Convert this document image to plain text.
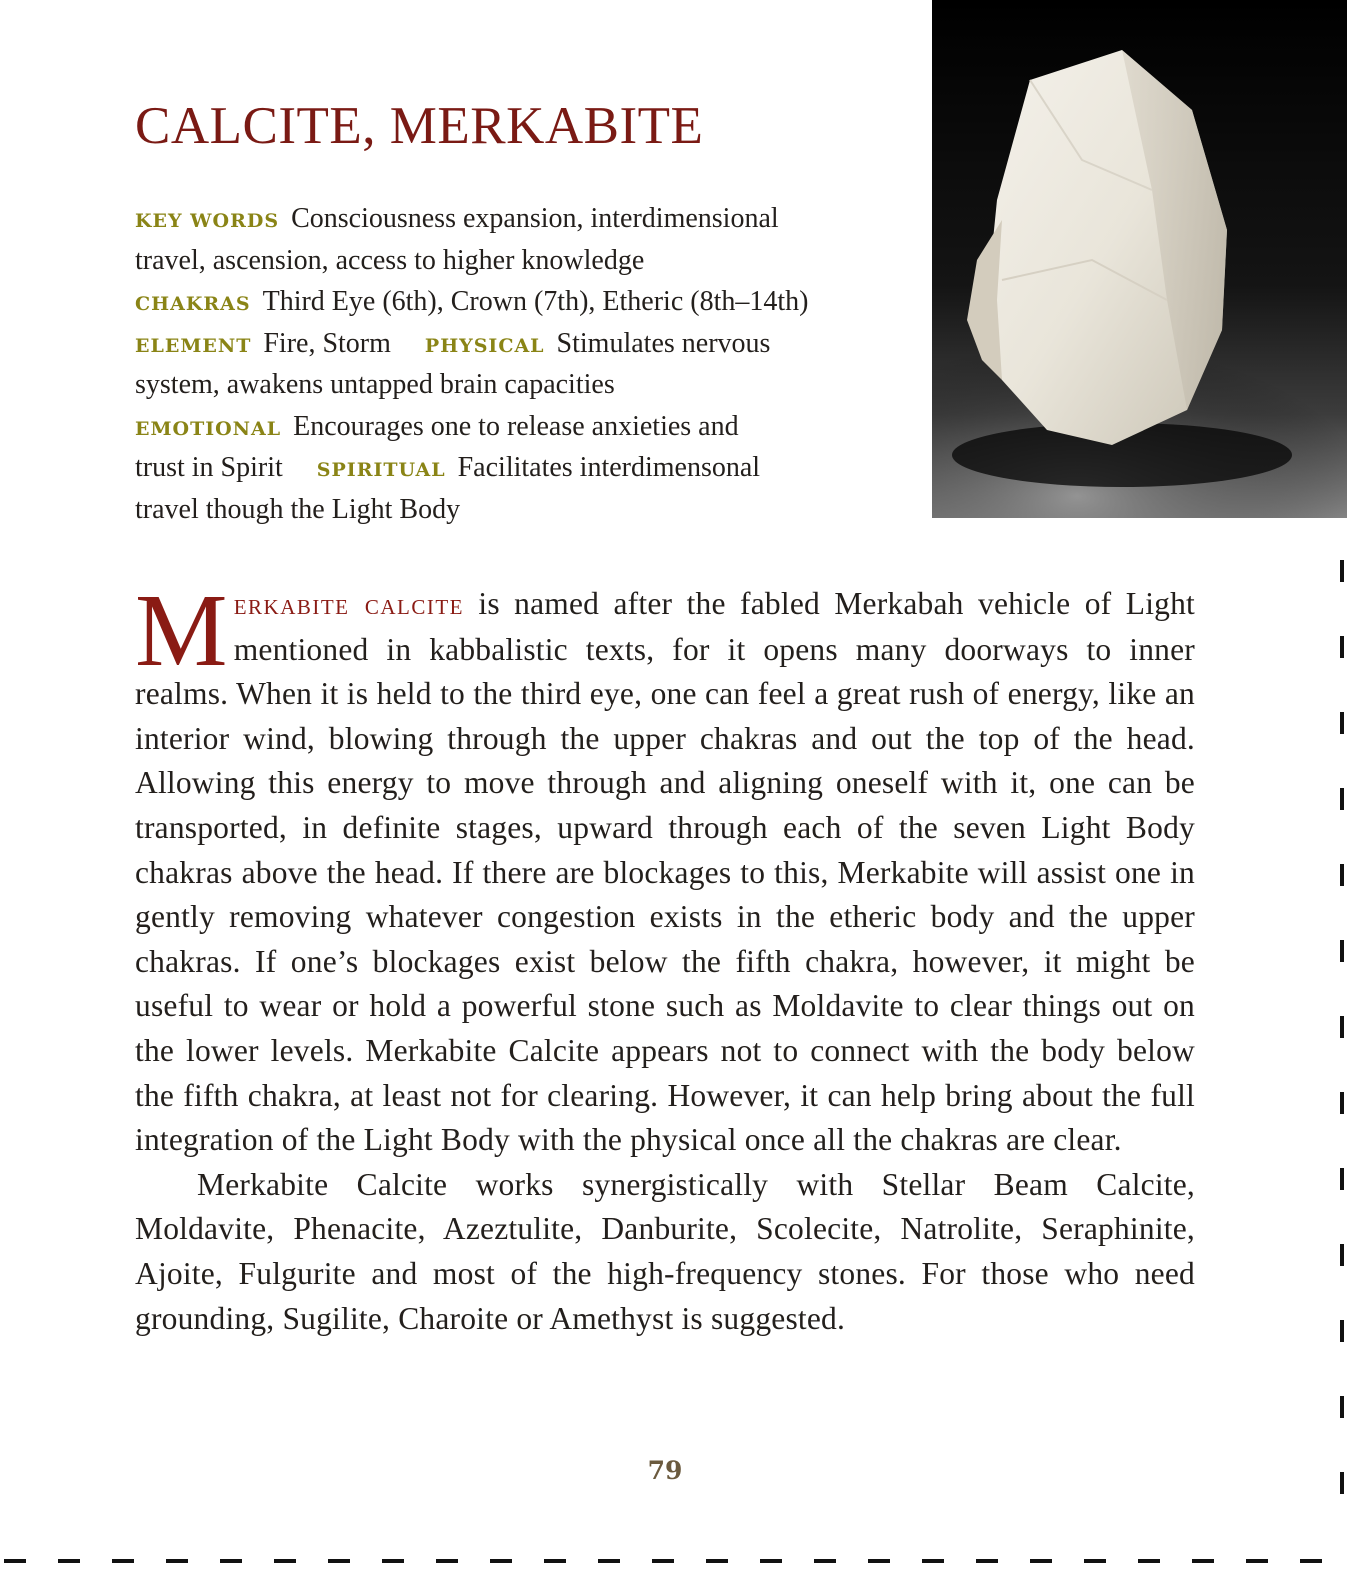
CALCITE, MERKABITE
KEY WORDS Consciousness expansion, interdimensional
travel, ascension, access to higher knowledge
CHAKRAS Third Eye (6th), Crown (7th), Etheric (8th–14th)
ELEMENT Fire, Storm PHYSICAL Stimulates nervous
system, awakens untapped brain capacities
EMOTIONAL Encourages one to release anxieties and
trust in Spirit SPIRITUAL Facilitates interdimensonal
travel though the Light Body

Merkabite calcite is named after the fabled Merkabah vehicle of Light mentioned in kabbalistic texts, for it opens many doorways to inner realms. When it is held to the third eye, one can feel a great rush of energy, like an interior wind, blowing through the upper chakras and out the top of the head. Allowing this energy to move through and aligning oneself with it, one can be transported, in definite stages, upward through each of the seven Light Body chakras above the head. If there are blockages to this, Merkabite will assist one in gently removing whatever congestion exists in the etheric body and the upper chakras. If one’s blockages exist below the fifth chakra, however, it might be useful to wear or hold a powerful stone such as Moldavite to clear things out on the lower levels. Merkabite Calcite appears not to connect with the body below the fifth chakra, at least not for clearing. However, it can help bring about the full integration of the Light Body with the physical once all the chakras are clear.

Merkabite Calcite works synergistically with Stellar Beam Calcite, Moldavite, Phenacite, Azeztulite, Danburite, Scolecite, Natrolite, Seraphinite, Ajoite, Fulgurite and most of the high-frequency stones. For those who need grounding, Sugilite, Charoite or Amethyst is suggested.

79
